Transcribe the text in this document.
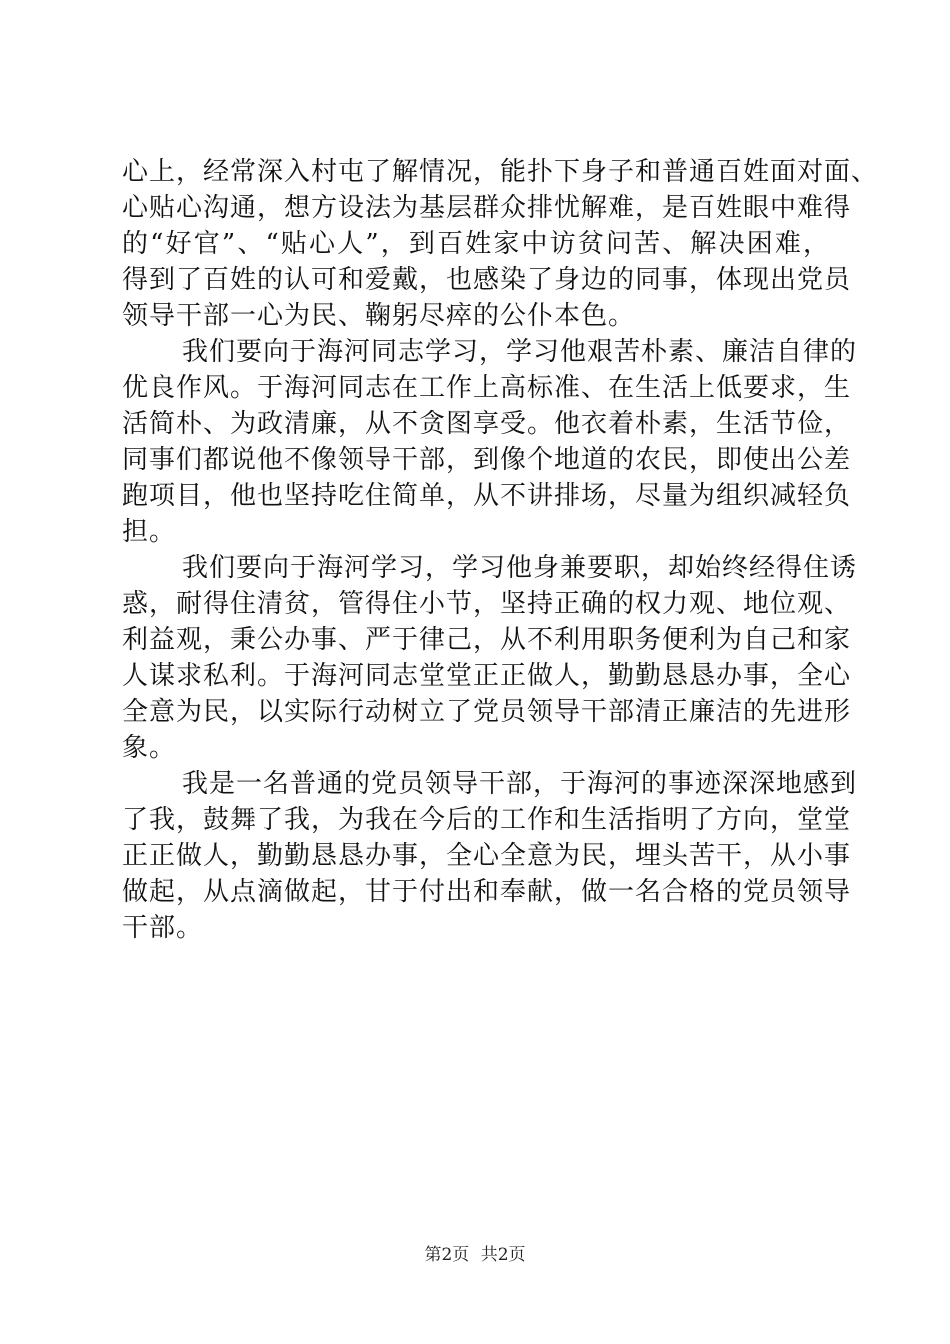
心上，经常深入村屯了解情况，能扑下身子和普通百姓面对面、
心贴心沟通，想方设法为基层群众排忧解难，是百姓眼中难得
的“好官”、“贴心人”，到百姓家中访贫问苦、解决困难，
得到了百姓的认可和爱戴，也感染了身边的同事，体现出党员
领导干部一心为民、鞠躬尽瘁的公仆本色。
我们要向于海河同志学习，学习他艰苦朴素、廉洁自律的
优良作风。于海河同志在工作上高标准、在生活上低要求，生
活简朴、为政清廉，从不贪图享受。他衣着朴素，生活节俭，
同事们都说他不像领导干部，到像个地道的农民，即使出公差
跑项目，他也坚持吃住简单，从不讲排场，尽量为组织减轻负
担。
我们要向于海河学习，学习他身兼要职，却始终经得住诱
惑，耐得住清贫，管得住小节，坚持正确的权力观、地位观、
利益观，秉公办事、严于律己，从不利用职务便利为自己和家
人谋求私利。于海河同志堂堂正正做人，勤勤恳恳办事，全心
全意为民，以实际行动树立了党员领导干部清正廉洁的先进形
象。
我是一名普通的党员领导干部，于海河的事迹深深地感到
了我，鼓舞了我，为我在今后的工作和生活指明了方向，堂堂
正正做人，勤勤恳恳办事，全心全意为民，埋头苦干，从小事
做起，从点滴做起，甘于付出和奉献，做一名合格的党员领导
干部。
第2页 共2页
